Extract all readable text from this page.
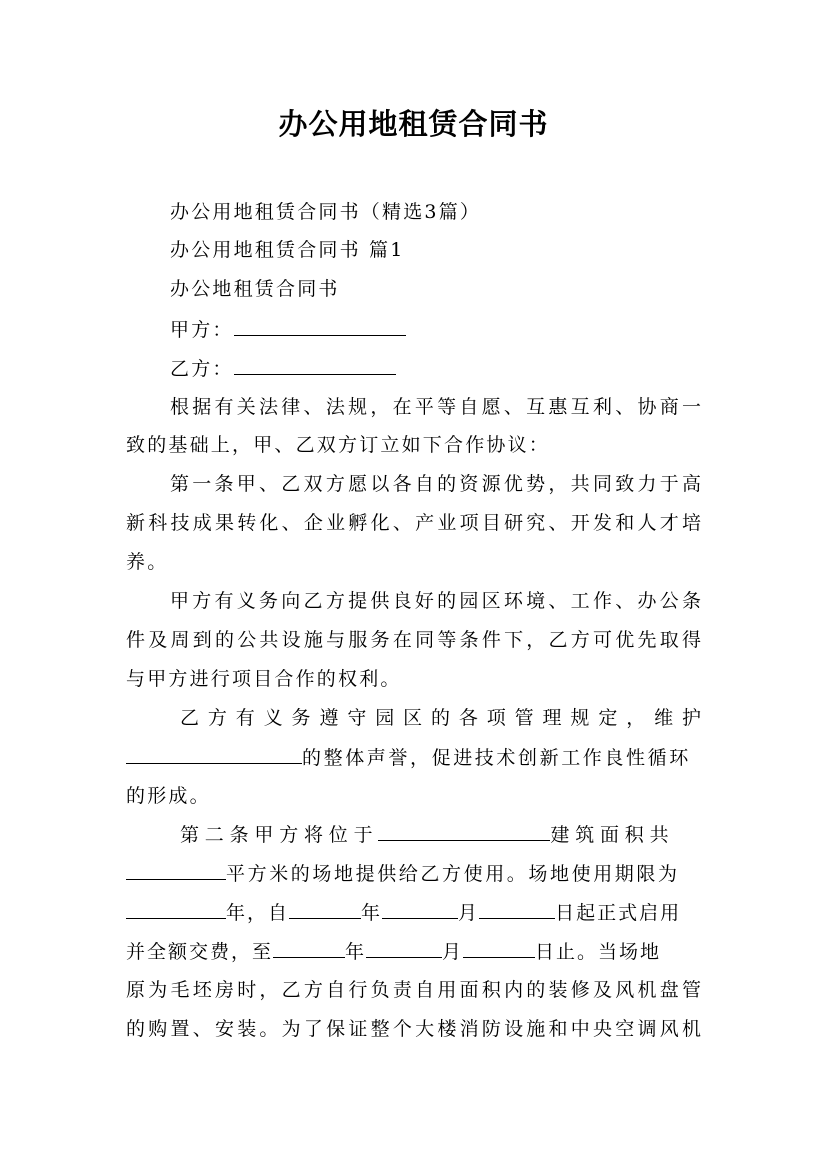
办公用地租赁合同书
办公用地租赁合同书（精选3篇）
办公用地租赁合同书 篇1
办公地租赁合同书
甲方：
乙方：
根据有关法律、法规，在平等自愿、互惠互利、协商一
致的基础上，甲、乙双方订立如下合作协议：
第一条甲、乙双方愿以各自的资源优势，共同致力于高
新科技成果转化、企业孵化、产业项目研究、开发和人才培
养。
甲方有义务向乙方提供良好的园区环境、工作、办公条
件及周到的公共设施与服务在同等条件下，乙方可优先取得
与甲方进行项目合作的权利。
乙方有义务遵守园区的各项管理规定，维护
的整体声誉，促进技术创新工作良性循环
的形成。
第二条甲方将位于	建筑面积共
平方米的场地提供给乙方使用。场地使用期限为
年，自	年	月	日起正式启用
并全额交费，至	年	月	日止。当场地
原为毛坯房时，乙方自行负责自用面积内的装修及风机盘管
的购置、安装。为了保证整个大楼消防设施和中央空调风机
